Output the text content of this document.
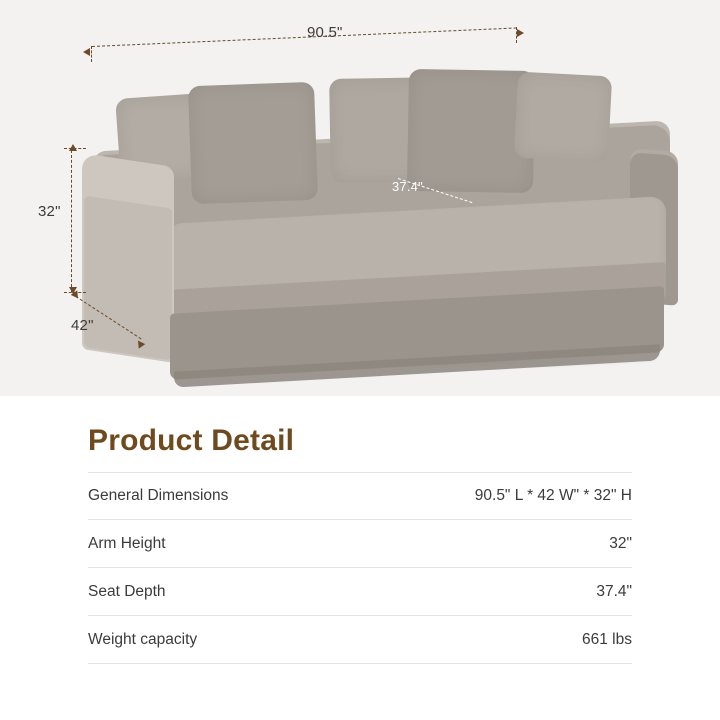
90.5"
32"
42"
37.4"
Product Detail
General Dimensions	90.5" L * 42 W" * 32" H
Arm Height	32"
Seat Depth	37.4"
Weight capacity	661 lbs
